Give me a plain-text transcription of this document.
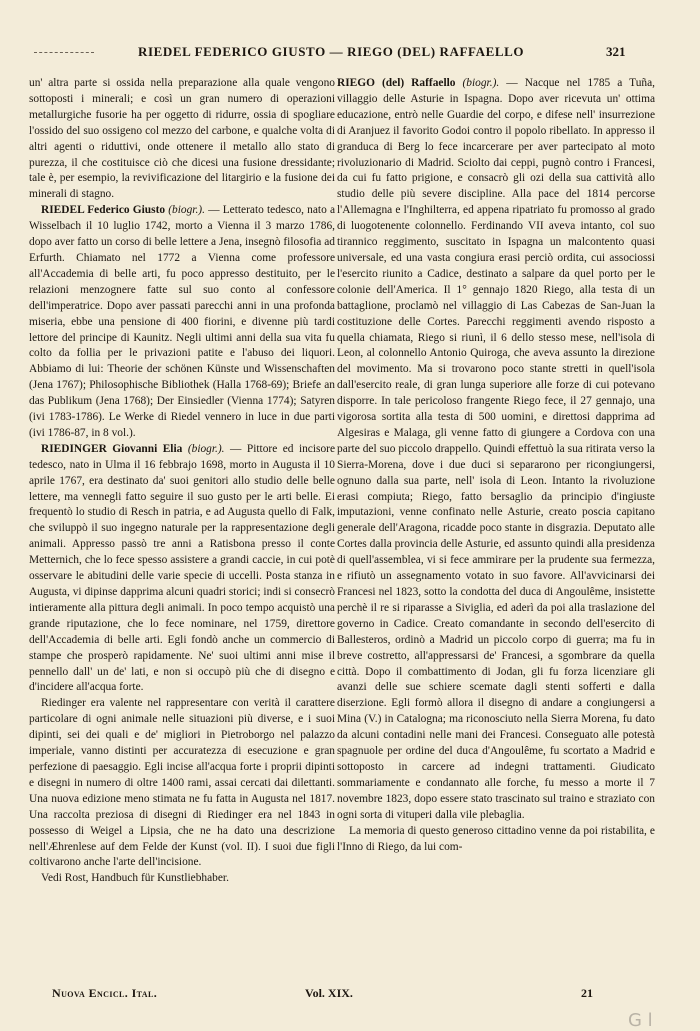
RIEDEL FEDERICO GIUSTO — RIEGO (DEL) RAFFAELLO	321

un' altra parte si ossida nella preparazione alla quale vengono sottoposti i minerali; e così un gran numero di operazioni metallurgiche fusorie ha per oggetto di ridurre, ossia di spogliare l'ossido del suo ossigeno col mezzo del carbone, e qualche volta di altri agenti o riduttivi, onde ottenere il metallo allo stato di purezza, il che costituisce ciò che dicesi una fusione dressidante; tale è, per esempio, la revivificazione del litargirio e la fusione dei minerali di stagno.

RIEDEL Federico Giusto (biogr.). — Letterato tedesco, nato a Wisselbach il 10 luglio 1742, morto a Vienna il 3 marzo 1786, dopo aver fatto un corso di belle lettere a Jena, insegnò filosofia ad Erfurth. Chiamato nel 1772 a Vienna come professore all'Accademia di belle arti, fu poco appresso destituito, per le relazioni menzognere fatte sul suo conto al confessore dell'imperatrice. Dopo aver passati parecchi anni in una profonda miseria, ebbe una pensione di 400 fiorini, e divenne più tardi lettore del principe di Kaunitz. Negli ultimi anni della sua vita fu colto da follia per le privazioni patite e l'abuso dei liquori. Abbiamo di lui: Theorie der schönen Künste und Wissenschaften (Jena 1767); Philosophische Bibliothek (Halla 1768-69); Briefe an das Publikum (Jena 1768); Der Einsiedler (Vienna 1774); Satyren (ivi 1783-1786). Le Werke di Riedel vennero in luce in due parti (ivi 1786-87, in 8 vol.).

RIEDINGER Giovanni Elia (biogr.). — Pittore ed incisore tedesco, nato in Ulma il 16 febbrajo 1698, morto in Augusta il 10 aprile 1767, era destinato da' suoi genitori allo studio delle belle lettere, ma vennegli fatto seguire il suo gusto per le arti belle. Ei frequentò lo studio di Resch in patria, e ad Augusta quello di Falk, che sviluppò il suo ingegno naturale per la rappresentazione degli animali. Appresso passò tre anni a Ratisbona presso il conte Metternich, che lo fece spesso assistere a grandi caccie, in cui potè osservare le abitudini delle varie specie di uccelli. Posta stanza in Augusta, vi dipinse dapprima alcuni quadri storici; indi si consecrò intieramente alla pittura degli animali. In poco tempo acquistò una grande riputazione, che lo fece nominare, nel 1759, direttore dell'Accademia di belle arti. Egli fondò anche un commercio di stampe che prosperò rapidamente. Ne' suoi ultimi anni mise il pennello dall' un de' lati, e non si occupò più che di disegno e d'incidere all'acqua forte.

Riedinger era valente nel rappresentare con verità il carattere particolare di ogni animale nelle situazioni più diverse, e i suoi dipinti, sei dei quali e de' migliori in Pietroborgo nel palazzo imperiale, vanno distinti per accuratezza di esecuzione e gran perfezione di paesaggio. Egli incise all'acqua forte i proprii dipinti e disegni in numero di oltre 1400 rami, assai cercati dai dilettanti. Una nuova edizione meno stimata ne fu fatta in Augusta nel 1817. Una raccolta preziosa di disegni di Riedinger era nel 1843 in possesso di Weigel a Lipsia, che ne ha dato una descrizione nell'Æhrenlese auf dem Felde der Kunst (vol. II). I suoi due figli coltivarono anche l'arte dell'incisione.

Vedi Rost, Handbuch für Kunstliebhaber.

RIEGO (del) Raffaello (biogr.). — Nacque nel 1785 a Tuña, villaggio delle Asturie in Ispagna. Dopo aver ricevuta un' ottima educazione, entrò nelle Guardie del corpo, e difese nell' insurrezione di Aranjuez il favorito Godoi contro il popolo ribellato. In appresso il granduca di Berg lo fece incarcerare per aver partecipato al moto rivoluzionario di Madrid. Sciolto dai ceppi, pugnò contro i Francesi, da cui fu fatto prigione, e consacrò gli ozi della sua cattività allo studio delle più severe discipline. Alla pace del 1814 percorse l'Allemagna e l'Inghilterra, ed appena ripatriato fu promosso al grado di luogotenente colonnello. Ferdinando VII aveva intanto, col suo tirannico reggimento, suscitato in Ispagna un malcontento quasi universale, ed una vasta congiura erasi perciò ordita, cui associossi l'esercito riunito a Cadice, destinato a salpare da quel porto per le colonie dell'America. Il 1° gennajo 1820 Riego, alla testa di un battaglione, proclamò nel villaggio di Las Cabezas de San-Juan la costituzione delle Cortes. Parecchi reggimenti avendo risposto a quella chiamata, Riego si riunì, il 6 dello stesso mese, nell'isola di Leon, al colonnello Antonio Quiroga, che aveva assunto la direzione del movimento. Ma si trovarono poco stante stretti in quell'isola dall'esercito reale, di gran lunga superiore alle forze di cui potevano disporre. In tale pericoloso frangente Riego fece, il 27 gennajo, una vigorosa sortita alla testa di 500 uomini, e direttosi dapprima ad Algesiras e Malaga, gli venne fatto di giungere a Cordova con una parte del suo piccolo drappello. Quindi effettuò la sua ritirata verso la Sierra-Morena, dove i due duci si separarono per ricongiungersi, ognuno dalla sua parte, nell' isola di Leon. Intanto la rivoluzione erasi compiuta; Riego, fatto bersaglio da principio d'ingiuste imputazioni, venne confinato nelle Asturie, creato poscia capitano generale dell'Aragona, ricadde poco stante in disgrazia. Deputato alle Cortes dalla provincia delle Asturie, ed assunto quindi alla presidenza di quell'assemblea, vi si fece ammirare per la prudente sua fermezza, e rifiutò un assegnamento votato in suo favore. All'avvicinarsi dei Francesi nel 1823, sotto la condotta del duca di Angoulême, insistette perchè il re si riparasse a Siviglia, ed aderì da poi alla traslazione del governo in Cadice. Creato comandante in secondo dell'esercito di Ballesteros, ordinò a Madrid un piccolo corpo di guerra; ma fu in breve costretto, all'appressarsi de' Francesi, a sgombrare da quella città. Dopo il combattimento di Jodan, gli fu forza licenziare gli avanzi delle sue schiere scemate dagli stenti sofferti e dalla diserzione. Egli formò allora il disegno di andare a congiungersi a Mina (V.) in Catalogna; ma riconosciuto nella Sierra Morena, fu dato da alcuni contadini nelle mani dei Francesi. Conseguato alle potestà spagnuole per ordine del duca d'Angoulême, fu scortato a Madrid e sottoposto in carcere ad indegni trattamenti. Giudicato sommariamente e condannato alle forche, fu messo a morte il 7 novembre 1823, dopo essere stato trascinato sul traino e straziato con ogni sorta di vituperi dalla vile plebaglia.

La memoria di questo generoso cittadino venne da poi ristabilita, e l'Inno di Riego, da lui com-

Nuova Encicl. Ital.	Vol. XIX.	21
G l
